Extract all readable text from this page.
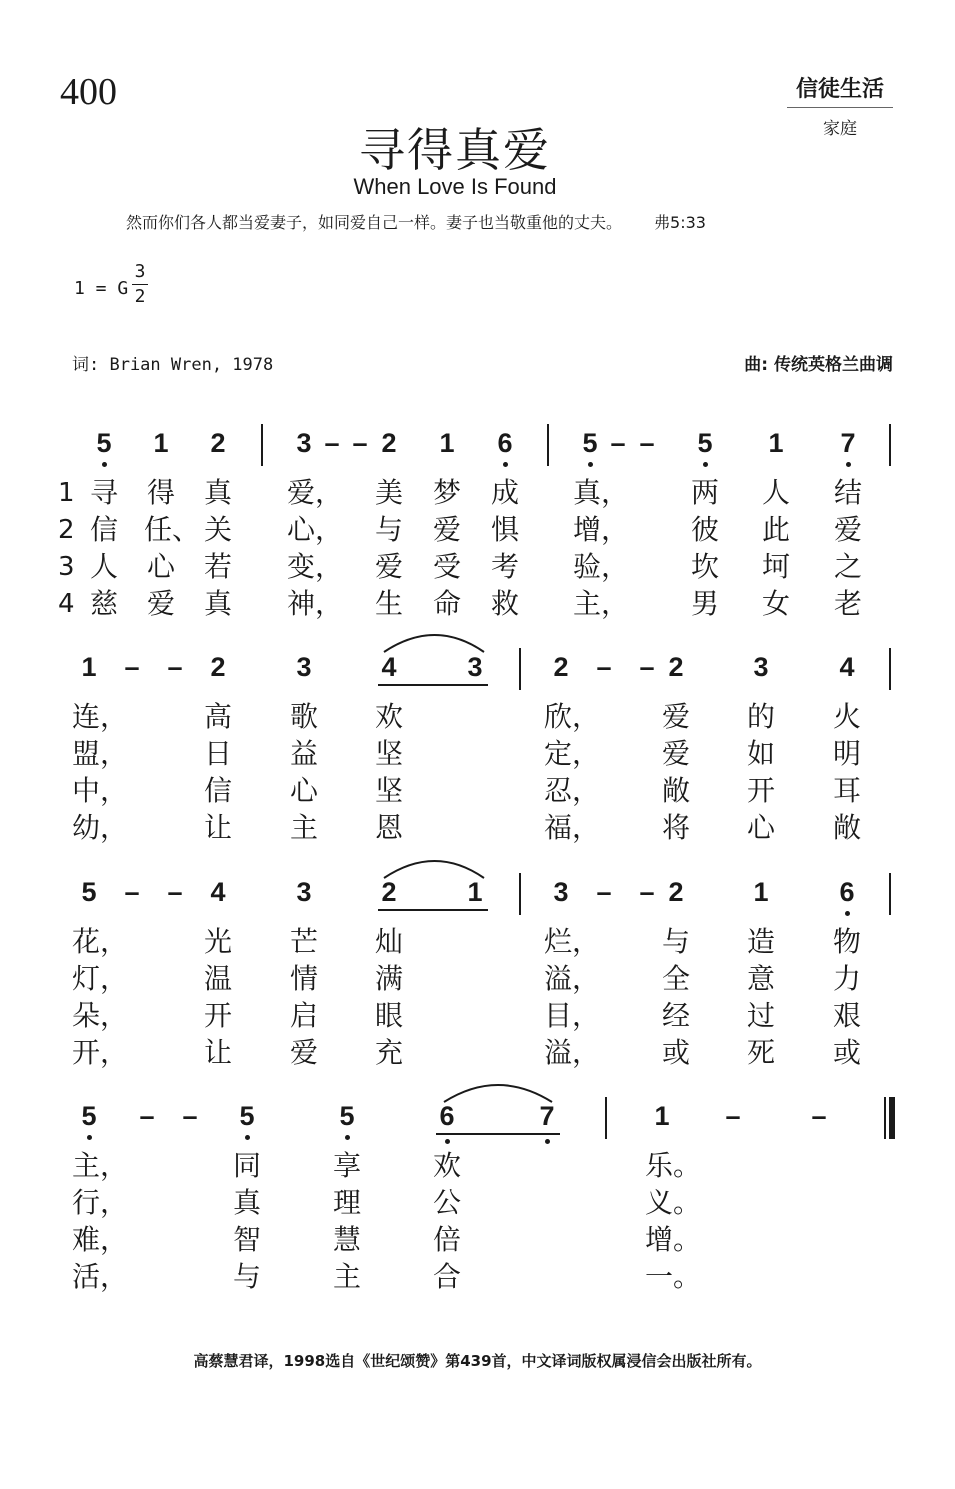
400	信徒生活
家庭
寻得真爱
When Love Is Found
然而你们各人都当爱妻子，如同爱自己一样。妻子也当敬重他的丈夫。 弗5:33
1 = G
3
2
词: Brian Wren, 1978	曲: 传统英格兰曲调
5 1 2	3 – – 2 1 6	5 – – 5 1 7
1
2
3
4
寻 得 真 爱， 美 梦 成 真， 两 人 结
信 任、 关 心， 与 爱 惧 增， 彼 此 爱
人 心 若 变， 爱 受 考 验， 坎 坷 之
慈 爱 真 神， 生 命 救 主， 男 女 老
1 – – 2	3	4	3	2 – – 2	3	4
连，	高 歌 欢	欣， 爱 的 火
盟，	日 益 坚	定， 爱 如 明
中，	信 心 坚	忍， 敞 开 耳
幼，	让 主 恩	福， 将 心 敞
5 – – 4	3	2	1	3 – – 2	1	6
花，	光 芒 灿	烂， 与 造 物
灯，	温 情 满	溢， 全 意 力
朵，	开 启 眼	目， 经 过 艰
开，	让 爱 充	溢， 或 死 或
5 – – 5	5	6	7	1 –	–
主，	同	享	欢	乐。
行，	真	理	公	义。
难，	智	慧	倍	增。
活，	与	主	合	一。
高蔡慧君译，1998选自《世纪颂赞》第439首，中文译词版权属浸信会出版社所有。
